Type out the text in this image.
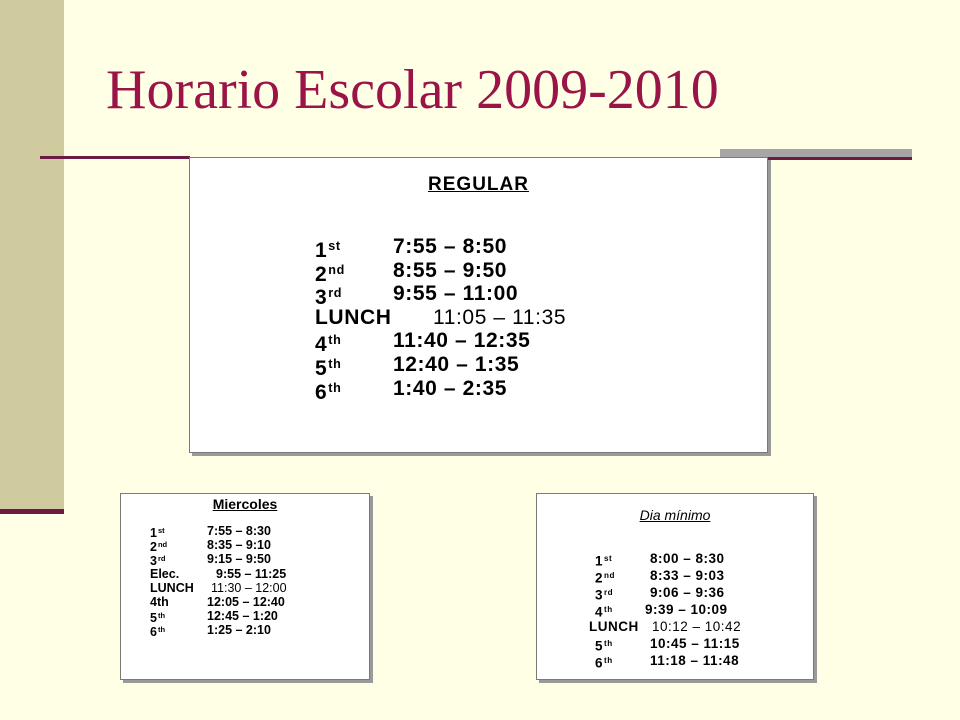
Horario Escolar 2009-2010
1st 7:55 – 8:50
2nd 8:55 – 9:50
3rd 9:55 – 11:00
LUNCH 11:05 – 11:35
4th 11:40 – 12:35
5th 12:40 – 1:35
6th 1:40 – 2:35

REGULAR

Miercoles

1st	7:55 – 8:30
2nd	8:35 – 9:10
3rd	9:15 – 9:50
Elec.	9:55 – 11:25
LUNCH 11:30 – 12:00
4th	12:05 – 12:40
5th	12:45 – 1:20
6th	1:25 – 2:10

Dia mínimo

1st	8:00 – 8:30
2nd	8:33 – 9:03
3rd	9:06 – 9:36
4th 9:39 – 10:09
LUNCH 10:12 – 10:42
5th	10:45 – 11:15
6th	11:18 – 11:48
